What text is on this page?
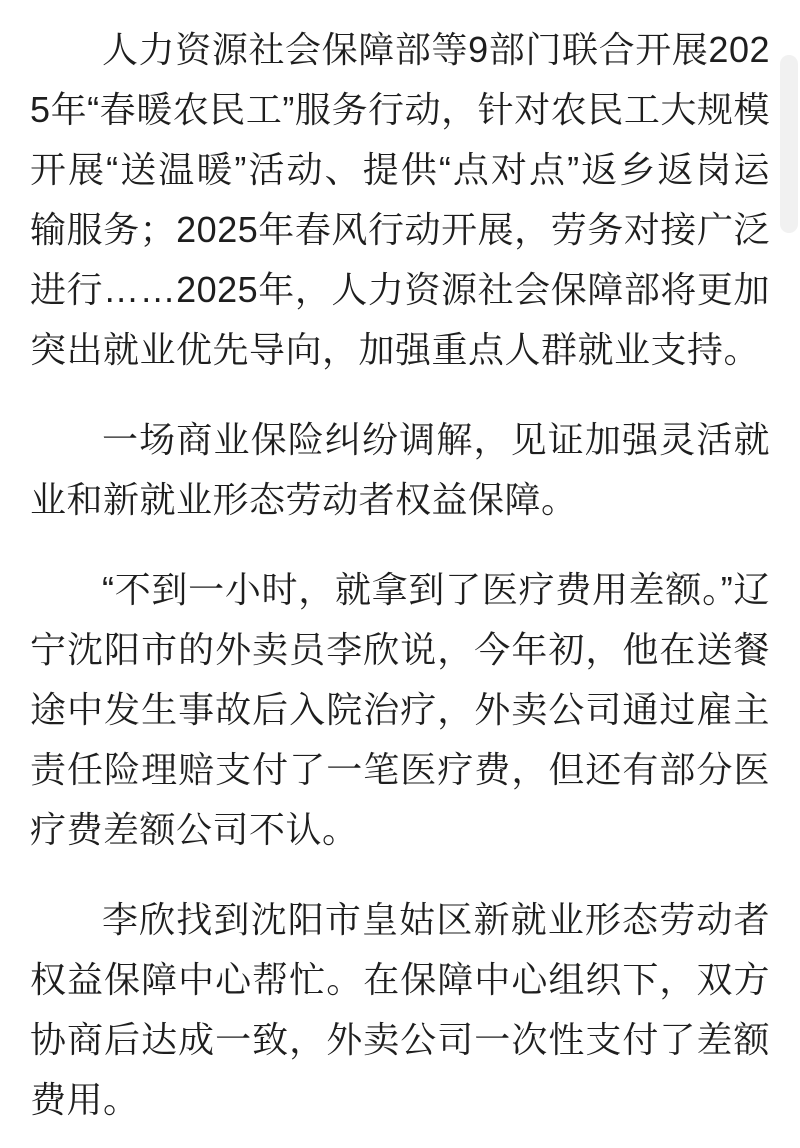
人力资源社会保障部等9部门联合开展2025年“春暖农民工”服务行动，针对农民工大规模开展“送温暖”活动、提供“点对点”返乡返岗运输服务；2025年春风行动开展，劳务对接广泛进行……2025年，人力资源社会保障部将更加突出就业优先导向，加强重点人群就业支持。

一场商业保险纠纷调解，见证加强灵活就业和新就业形态劳动者权益保障。

“不到一小时，就拿到了医疗费用差额。”辽宁沈阳市的外卖员李欣说，今年初，他在送餐途中发生事故后入院治疗，外卖公司通过雇主责任险理赔支付了一笔医疗费，但还有部分医疗费差额公司不认。

李欣找到沈阳市皇姑区新就业形态劳动者权益保障中心帮忙。在保障中心组织下，双方协商后达成一致，外卖公司一次性支付了差额费用。
